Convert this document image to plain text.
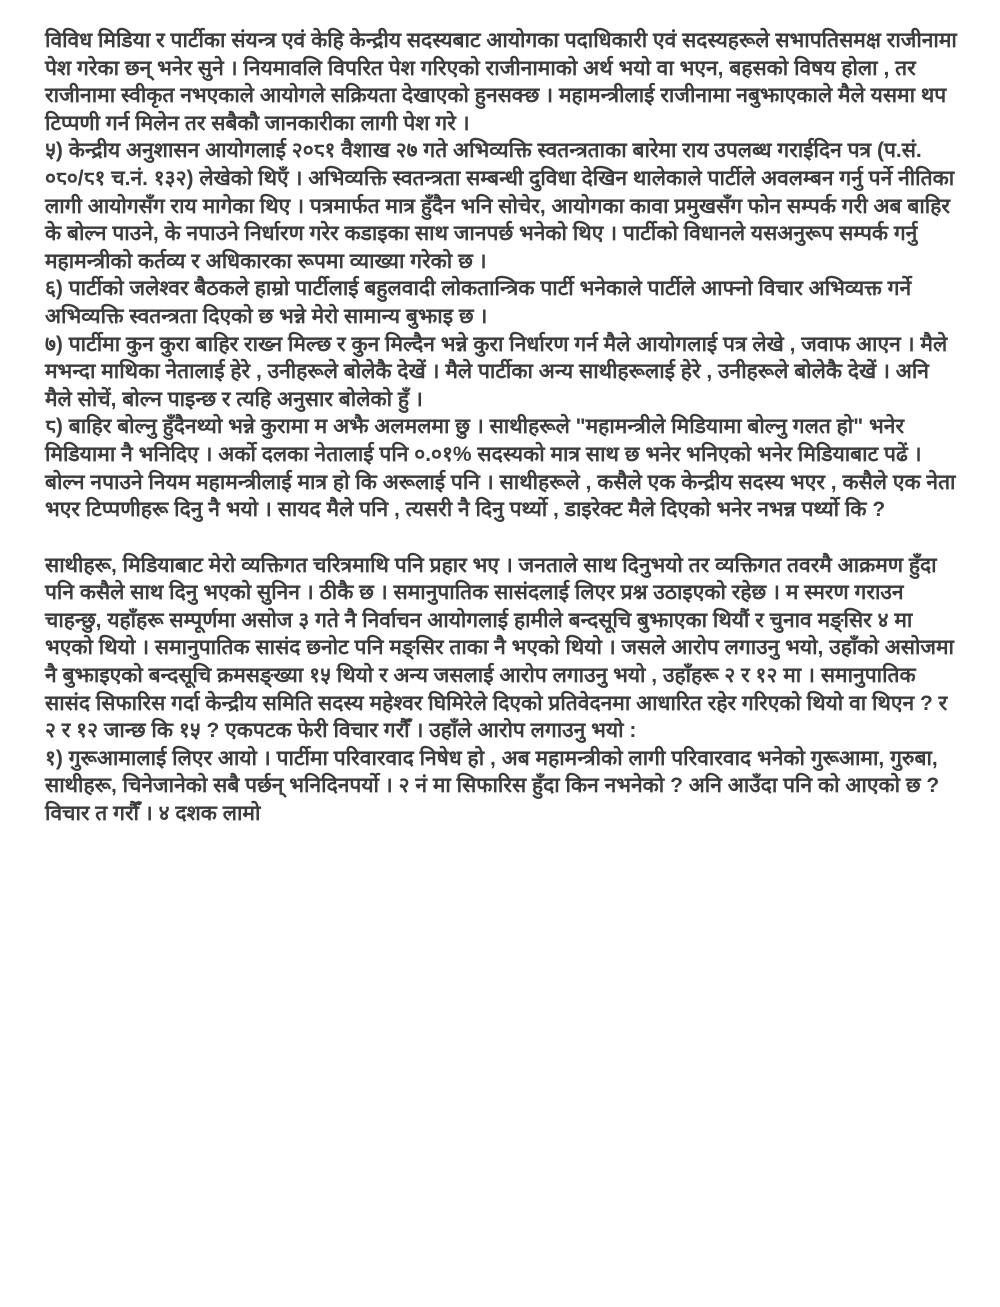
विविध मिडिया र पार्टीका संयन्त्र एवं केहि केन्द्रीय सदस्यबाट आयोगका पदाधिकारी एवं सदस्यहरूले सभापतिसमक्ष राजीनामा पेश गरेका छन् भनेर सुने । नियमावलि विपरित पेश गरिएको राजीनामाको अर्थ भयो वा भएन, बहसको विषय होला , तर राजीनामा स्वीकृत नभएकाले आयोगले सक्रियता देखाएको हुनसक्छ । महामन्त्रीलाई राजीनामा नबुझाएकाले मैले यसमा थप टिप्पणी गर्न मिलेन तर सबैकौ जानकारीका लागी पेश गरे ।

५) केन्द्रीय अनुशासन आयोगलाई २०८१ वैशाख २७ गते अभिव्यक्ति स्वतन्त्रताका बारेमा राय उपलब्ध गराईदिन पत्र (प.सं. ०८०/८१ च.नं. १३२) लेखेको थिएँ । अभिव्यक्ति स्वतन्त्रता सम्बन्धी दुविधा देखिन थालेकाले पार्टीले अवलम्बन गर्नु पर्ने नीतिका लागी आयोगसँग राय मागेका थिए । पत्रमार्फत मात्र हुँदैन भनि सोचेर, आयोगका कावा प्रमुखसँग फोन सम्पर्क गरी अब बाहिर के बोल्न पाउने, के नपाउने निर्धारण गरेर कडाइका साथ जानपर्छ भनेको थिए । पार्टीको विधानले यसअनुरूप सम्पर्क गर्नु महामन्त्रीको कर्तव्य र अधिकारका रूपमा व्याख्या गरेको छ ।

६) पार्टीको जलेश्वर बैठकले हाम्रो पार्टीलाई बहुलवादी लोकतान्त्रिक पार्टी भनेकाले पार्टीले आफ्नो विचार अभिव्यक्त गर्ने अभिव्यक्ति स्वतन्त्रता दिएको छ भन्ने मेरो सामान्य बुझाइ छ ।

७) पार्टीमा कुन कुरा बाहिर राख्न मिल्छ र कुन मिल्दैन भन्ने कुरा निर्धारण गर्न मैले आयोगलाई पत्र लेखे , जवाफ आएन । मैले मभन्दा माथिका नेतालाई हेरे , उनीहरूले बोलेकै देखें । मैले पार्टीका अन्य साथीहरूलाई हेरे , उनीहरूले बोलेकै देखें । अनि मैले सोचें, बोल्न पाइन्छ र त्यहि अनुसार बोलेको हुँ ।

८) बाहिर बोल्नु हुँदैनथ्यो भन्ने कुरामा म अझै अलमलमा छु । साथीहरूले "महामन्त्रीले मिडियामा बोल्नु गलत हो" भनेर मिडियामा नै भनिदिए । अर्को दलका नेतालाई पनि ०.०१% सदस्यको मात्र साथ छ भनेर भनिएको भनेर मिडियाबाट पढें । बोल्न नपाउने नियम महामन्त्रीलाई मात्र हो कि अरूलाई पनि । साथीहरूले , कसैले एक केन्द्रीय सदस्य भएर , कसैले एक नेता भएर टिप्पणीहरू दिनु नै भयो । सायद मैले पनि , त्यसरी नै दिनु पर्थ्यो , डाइरेक्ट मैले दिएको भनेर नभन्न पर्थ्यो कि ?

साथीहरू, मिडियाबाट मेरो व्यक्तिगत चरित्रमाथि पनि प्रहार भए । जनताले साथ दिनुभयो तर व्यक्तिगत तवरमै आक्रमण हुँदा पनि कसैले साथ दिनु भएको सुनिन । ठीकै छ । समानुपातिक सासंदलाई लिएर प्रश्न उठाइएको रहेछ । म स्मरण गराउन चाहन्छु, यहाँहरू सम्पूर्णमा असोज ३ गते नै निर्वाचन आयोगलाई हामीले बन्दसूचि बुझाएका थियौं र चुनाव मङ्सिर ४ मा भएको थियो । समानुपातिक सासंद छनोट पनि मङ्सिर ताका नै भएको थियो । जसले आरोप लगाउनु भयो, उहाँको असोजमा नै बुझाइएको बन्दसूचि क्रमसङ्ख्या १५ थियो र अन्य जसलाई आरोप लगाउनु भयो , उहाँहरू २ र १२ मा । समानुपातिक सासंद सिफारिस गर्दा केन्द्रीय समिति सदस्य महेश्वर घिमिरेले दिएको प्रतिवेदनमा आधारित रहेर गरिएको थियो वा थिएन ? र २ र १२ जान्छ कि १५ ? एकपटक फेरी विचार गरौँ । उहाँले आरोप लगाउनु भयो :

१) गुरूआमालाई लिएर आयो । पार्टीमा परिवारवाद निषेध हो , अब महामन्त्रीको लागी परिवारवाद भनेको गुरूआमा, गुरुबा, साथीहरू, चिनेजानेको सबै पर्छन् भनिदिनपर्यो । २ नं मा सिफारिस हुँदा किन नभनेको ? अनि आउँदा पनि को आएको छ ? विचार त गरौँ । ४ दशक लामो
